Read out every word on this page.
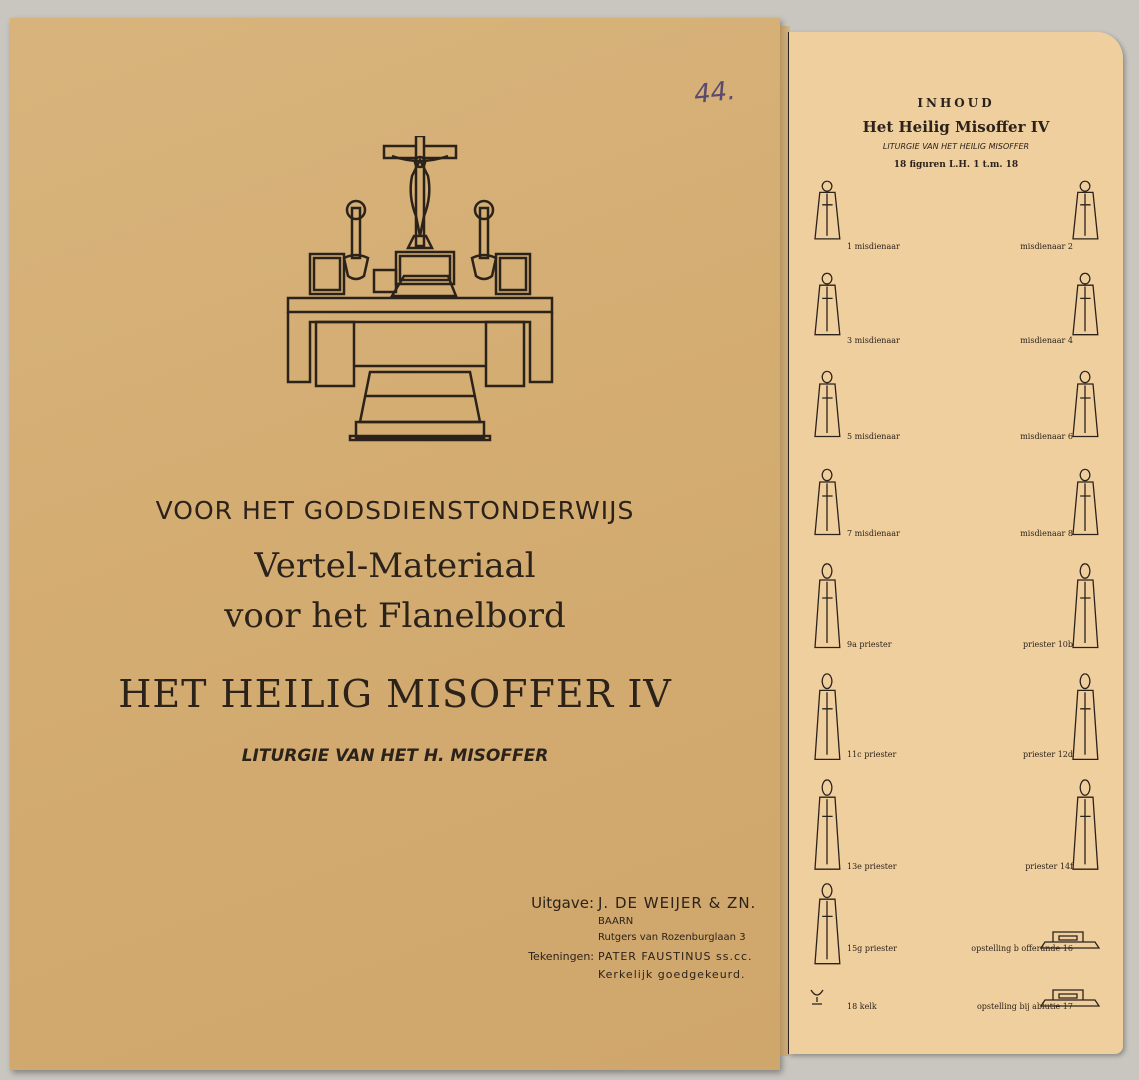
44.
VOOR HET GODSDIENSTONDERWIJS
Vertel-Materiaal
voor het Flanelbord
HET HEILIG MISOFFER IV
LITURGIE VAN HET H. MISOFFER
Uitgave: J. DE WEIJER & ZN.
BAARN
Rutgers van Rozenburglaan 3
Tekeningen: PATER FAUSTINUS ss.cc.
Kerkelijk goedgekeurd.
INHOUD
Het Heilig Misoffer IV
LITURGIE VAN HET HEILIG MISOFFER
18 figuren L.H. 1 t.m. 18
1 misdienaar	misdienaar 2
3 misdienaar	misdienaar 4
5 misdienaar	misdienaar 6
7 misdienaar	misdienaar 8
9a priester	priester 10b
11c priester	priester 12d
13e priester	priester 14f
15g priester	opstelling b offerande 16
18 kelk	opstelling bij ablutie 17
